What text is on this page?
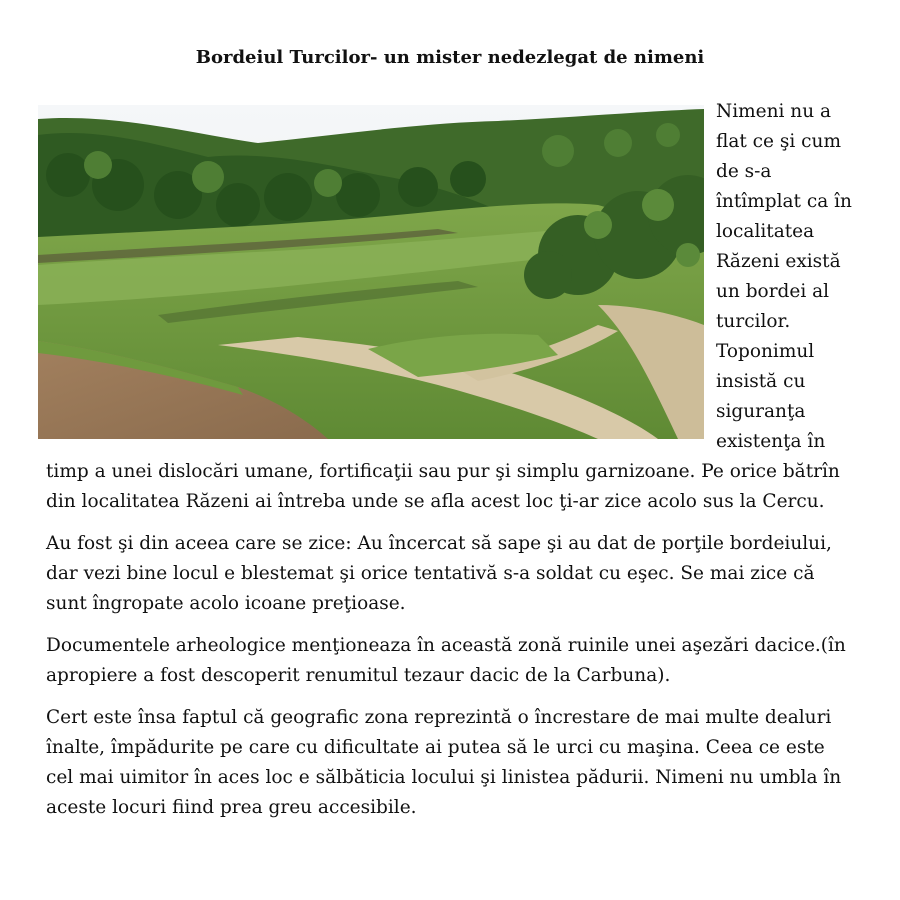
Bordeiul Turcilor- un mister nedezlegat de nimeni

Nimeni nu a flat ce şi cum de s-a întîmplat ca în localitatea Răzeni există un bordei al turcilor. Toponimul insistă cu siguranţa existenţa în timp a unei dislocări umane, fortificaţii sau pur şi simplu garnizoane. Pe orice bătrîn din localitatea Răzeni ai întreba unde se afla acest loc ţi-ar zice acolo sus la Cercu.

Au fost şi din aceea care se zice: Au încercat să sape şi au dat de porţile bordeiului, dar vezi bine locul e blestemat şi orice tentativă s-a soldat cu eşec. Se mai zice că sunt îngropate acolo icoane preţioase.

Documentele arheologice menţioneaza în această zonă ruinile unei aşezări dacice.(în apropiere a fost descoperit renumitul tezaur dacic de la Carbuna).

Cert este însa faptul că geografic zona reprezintă o încrestare de mai multe dealuri înalte, împădurite pe care cu dificultate ai putea să le urci cu maşina. Ceea ce este cel mai uimitor în aces loc e sălbăticia locului şi linistea pădurii. Nimeni nu umbla în aceste locuri fiind prea greu accesibile.
